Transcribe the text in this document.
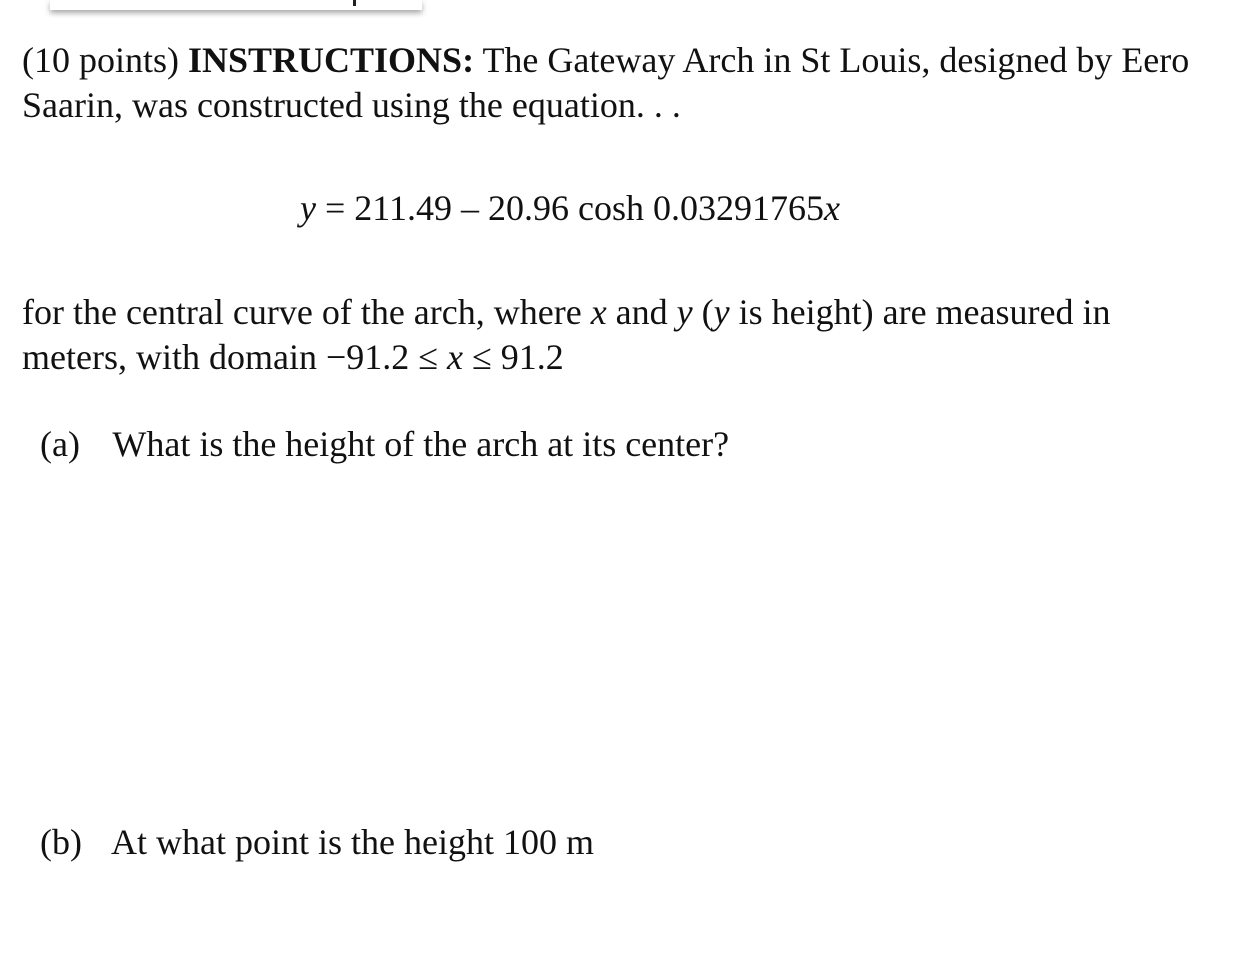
(10 points) INSTRUCTIONS: The Gateway Arch in St Louis, designed by Eero Saarin, was constructed using the equation. . .

y = 211.49 – 20.96 cosh 0.03291765x

for the central curve of the arch, where x and y (y is height) are measured in meters, with domain −91.2 ≤ x ≤ 91.2

(a) What is the height of the arch at its center?

(b) At what point is the height 100 m
